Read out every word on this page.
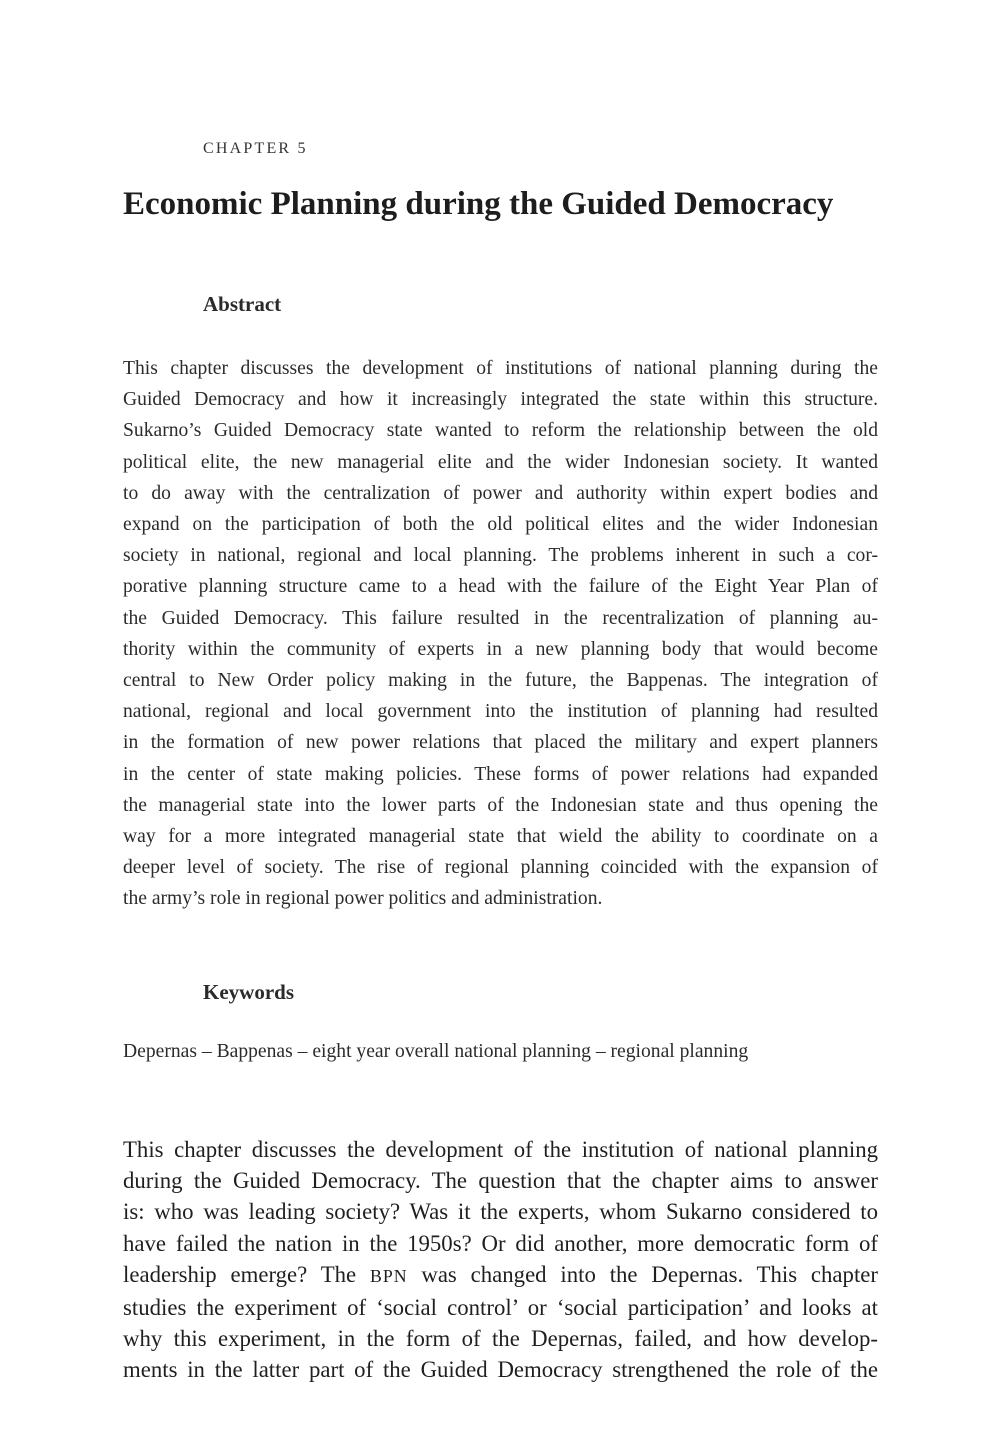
CHAPTER 5
Economic Planning during the Guided Democracy
Abstract
This chapter discusses the development of institutions of national planning during the
Guided Democracy and how it increasingly integrated the state within this structure.
Sukarno’s Guided Democracy state wanted to reform the relationship between the old
political elite, the new managerial elite and the wider Indonesian society. It wanted
to do away with the centralization of power and authority within expert bodies and
expand on the participation of both the old political elites and the wider Indonesian
society in national, regional and local planning. The problems inherent in such a cor-
porative planning structure came to a head with the failure of the Eight Year Plan of
the Guided Democracy. This failure resulted in the recentralization of planning au-
thority within the community of experts in a new planning body that would become
central to New Order policy making in the future, the Bappenas. The integration of
national, regional and local government into the institution of planning had resulted
in the formation of new power relations that placed the military and expert planners
in the center of state making policies. These forms of power relations had expanded
the managerial state into the lower parts of the Indonesian state and thus opening the
way for a more integrated managerial state that wield the ability to coordinate on a
deeper level of society. The rise of regional planning coincided with the expansion of
the army’s role in regional power politics and administration.
Keywords
Depernas – Bappenas – eight year overall national planning – regional planning
This chapter discusses the development of the institution of national planning
during the Guided Democracy. The question that the chapter aims to answer
is: who was leading society? Was it the experts, whom Sukarno considered to
have failed the nation in the 1950s? Or did another, more democratic form of
leadership emerge? The BPN was changed into the Depernas. This chapter
studies the experiment of ‘social control’ or ‘social participation’ and looks at
why this experiment, in the form of the Depernas, failed, and how develop-
ments in the latter part of the Guided Democracy strengthened the role of the
